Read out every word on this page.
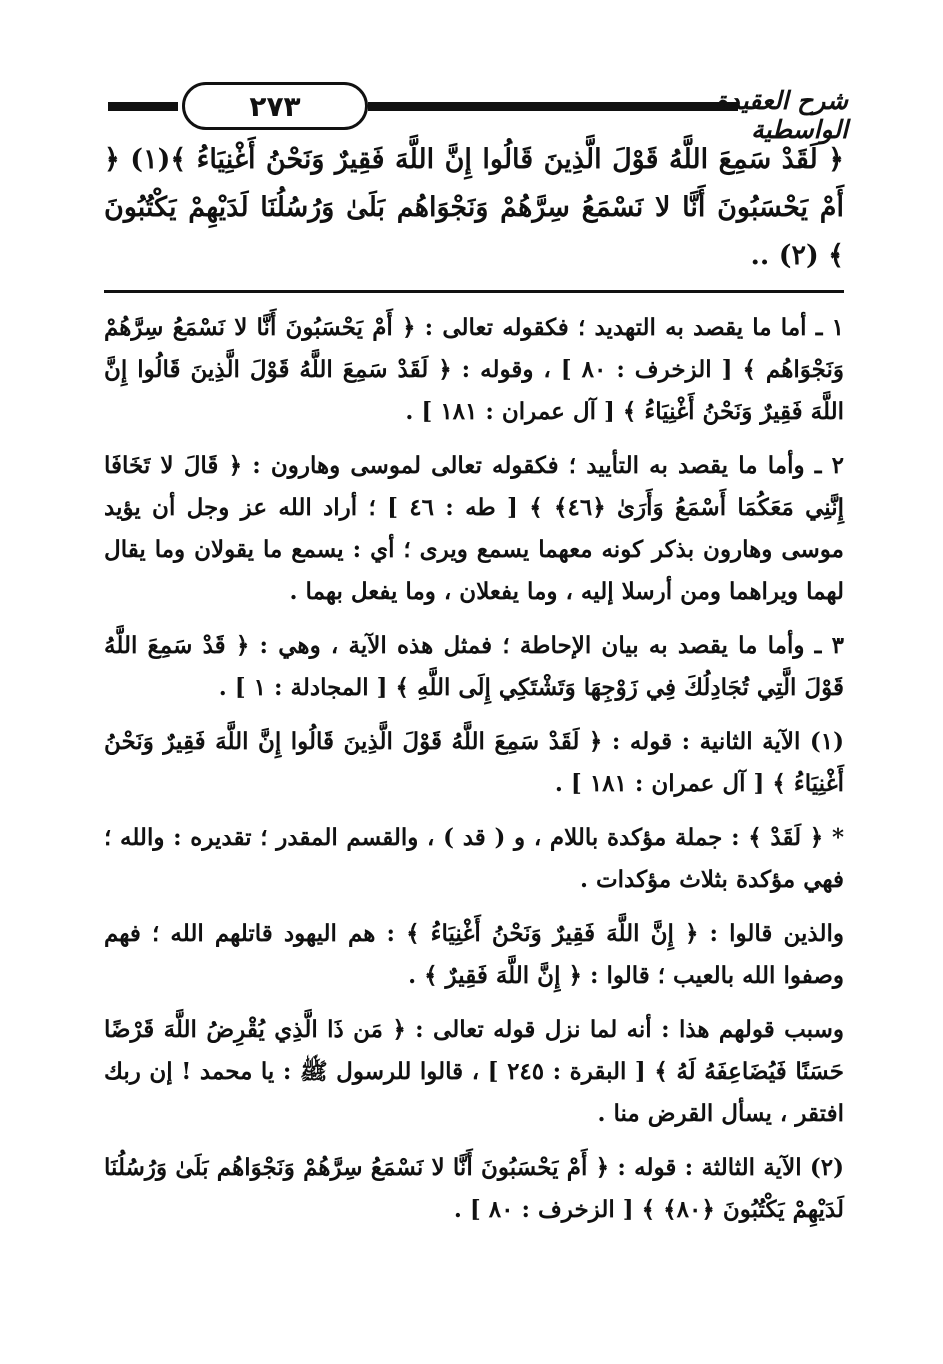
٢٧٣	شرح العقيدة الواسطية

﴿ لَقَدْ سَمِعَ اللَّهُ قَوْلَ الَّذِينَ قَالُوا إِنَّ اللَّهَ فَقِيرٌ وَنَحْنُ أَغْنِيَاءُ ﴾(١) ﴿ أَمْ يَحْسَبُونَ أَنَّا لا نَسْمَعُ سِرَّهُمْ وَنَجْوَاهُم بَلَىٰ وَرُسُلُنَا لَدَيْهِمْ يَكْتُبُونَ ﴾ (٢) ..

١ ـ أما ما يقصد به التهديد ؛ فكقوله تعالى : ﴿ أَمْ يَحْسَبُونَ أَنَّا لا نَسْمَعُ سِرَّهُمْ وَنَجْوَاهُم ﴾ [ الزخرف : ٨٠ ] ، وقوله : ﴿ لَقَدْ سَمِعَ اللَّهُ قَوْلَ الَّذِينَ قَالُوا إِنَّ اللَّهَ فَقِيرٌ وَنَحْنُ أَغْنِيَاءُ ﴾ [ آل عمران : ١٨١ ] .

٢ ـ وأما ما يقصد به التأييد ؛ فكقوله تعالى لموسى وهارون : ﴿ قَالَ لا تَخَافَا إِنَّنِي مَعَكُمَا أَسْمَعُ وَأَرَىٰ ﴿٤٦﴾ ﴾ [ طه : ٤٦ ] ؛ أراد الله عز وجل أن يؤيد موسى وهارون بذكر كونه معهما يسمع ويرى ؛ أي : يسمع ما يقولان وما يقال لهما ويراهما ومن أرسلا إليه ، وما يفعلان ، وما يفعل بهما .

٣ ـ وأما ما يقصد به بيان الإحاطة ؛ فمثل هذه الآية ، وهي : ﴿ قَدْ سَمِعَ اللَّهُ قَوْلَ الَّتِي تُجَادِلُكَ فِي زَوْجِهَا وَتَشْتَكِي إِلَى اللَّهِ ﴾ [ المجادلة : ١ ] .

(١) الآية الثانية : قوله : ﴿ لَقَدْ سَمِعَ اللَّهُ قَوْلَ الَّذِينَ قَالُوا إِنَّ اللَّهَ فَقِيرٌ وَنَحْنُ أَغْنِيَاءُ ﴾ [ آل عمران : ١٨١ ] .

* ﴿ لَقَدْ ﴾ : جملة مؤكدة باللام ، و ( قد ) ، والقسم المقدر ؛ تقديره : والله ؛ فهي مؤكدة بثلاث مؤكدات .

والذين قالوا : ﴿ إِنَّ اللَّهَ فَقِيرٌ وَنَحْنُ أَغْنِيَاءُ ﴾ : هم اليهود قاتلهم الله ؛ فهم وصفوا الله بالعيب ؛ قالوا : ﴿ إِنَّ اللَّهَ فَقِيرٌ ﴾ .

وسبب قولهم هذا : أنه لما نزل قوله تعالى : ﴿ مَن ذَا الَّذِي يُقْرِضُ اللَّهَ قَرْضًا حَسَنًا فَيُضَاعِفَهُ لَهُ ﴾ [ البقرة : ٢٤٥ ] ، قالوا للرسول ﷺ : يا محمد ! إن ربك افتقر ، يسأل القرض منا .

(٢) الآية الثالثة : قوله : ﴿ أَمْ يَحْسَبُونَ أَنَّا لا نَسْمَعُ سِرَّهُمْ وَنَجْوَاهُم بَلَىٰ وَرُسُلُنَا لَدَيْهِمْ يَكْتُبُونَ ﴿٨٠﴾ ﴾ [ الزخرف : ٨٠ ] .
